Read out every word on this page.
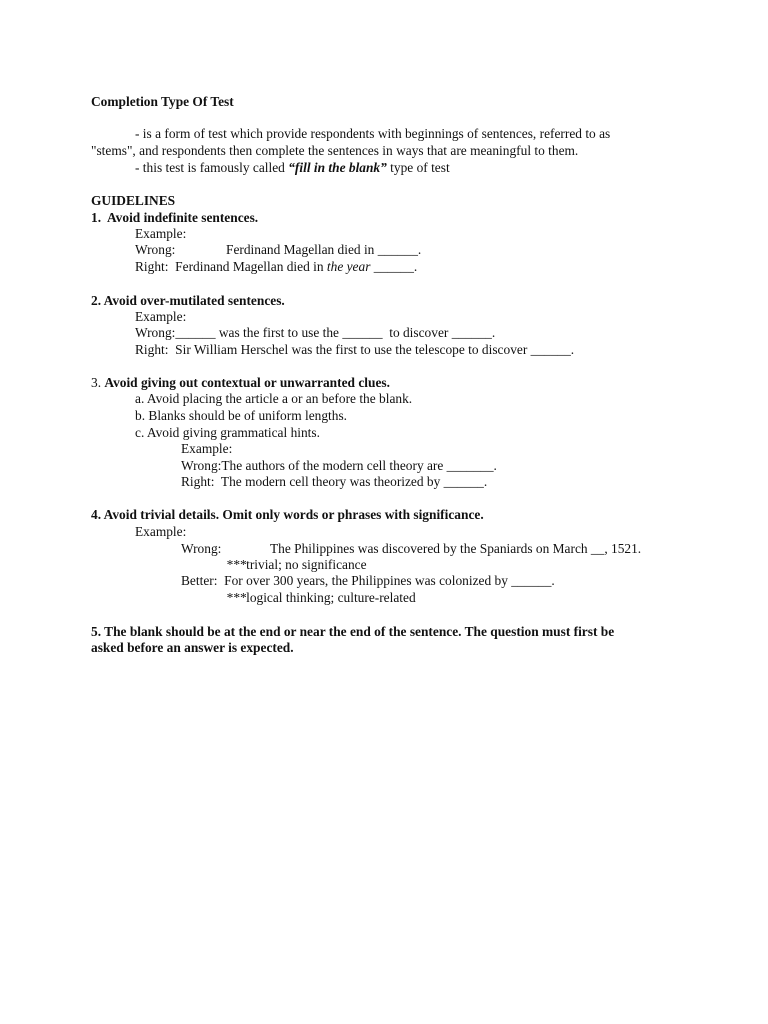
Completion Type Of Test
- is a form of test which provide respondents with beginnings of sentences, referred to as
"stems", and respondents then complete the sentences in ways that are meaningful to them.
- this test is famously called “fill in the blank” type of test
GUIDELINES
1.  Avoid indefinite sentences.
Example:
Wrong:	Ferdinand Magellan died in ______.
Right:  Ferdinand Magellan died in the year ______.
2. Avoid over-mutilated sentences.
Example:
Wrong:______ was the first to use the ______  to discover ______.
Right:  Sir William Herschel was the first to use the telescope to discover ______.
3. Avoid giving out contextual or unwarranted clues.
a. Avoid placing the article a or an before the blank.
b. Blanks should be of uniform lengths.
c. Avoid giving grammatical hints.
Example:
Wrong:The authors of the modern cell theory are _______.
Right:  The modern cell theory was theorized by ______.
4. Avoid trivial details. Omit only words or phrases with significance.
Example:
Wrong:	The Philippines was discovered by the Spaniards on March __, 1521.
***trivial; no significance
Better:  For over 300 years, the Philippines was colonized by ______.
***logical thinking; culture-related
5. The blank should be at the end or near the end of the sentence. The question must first be
asked before an answer is expected.
